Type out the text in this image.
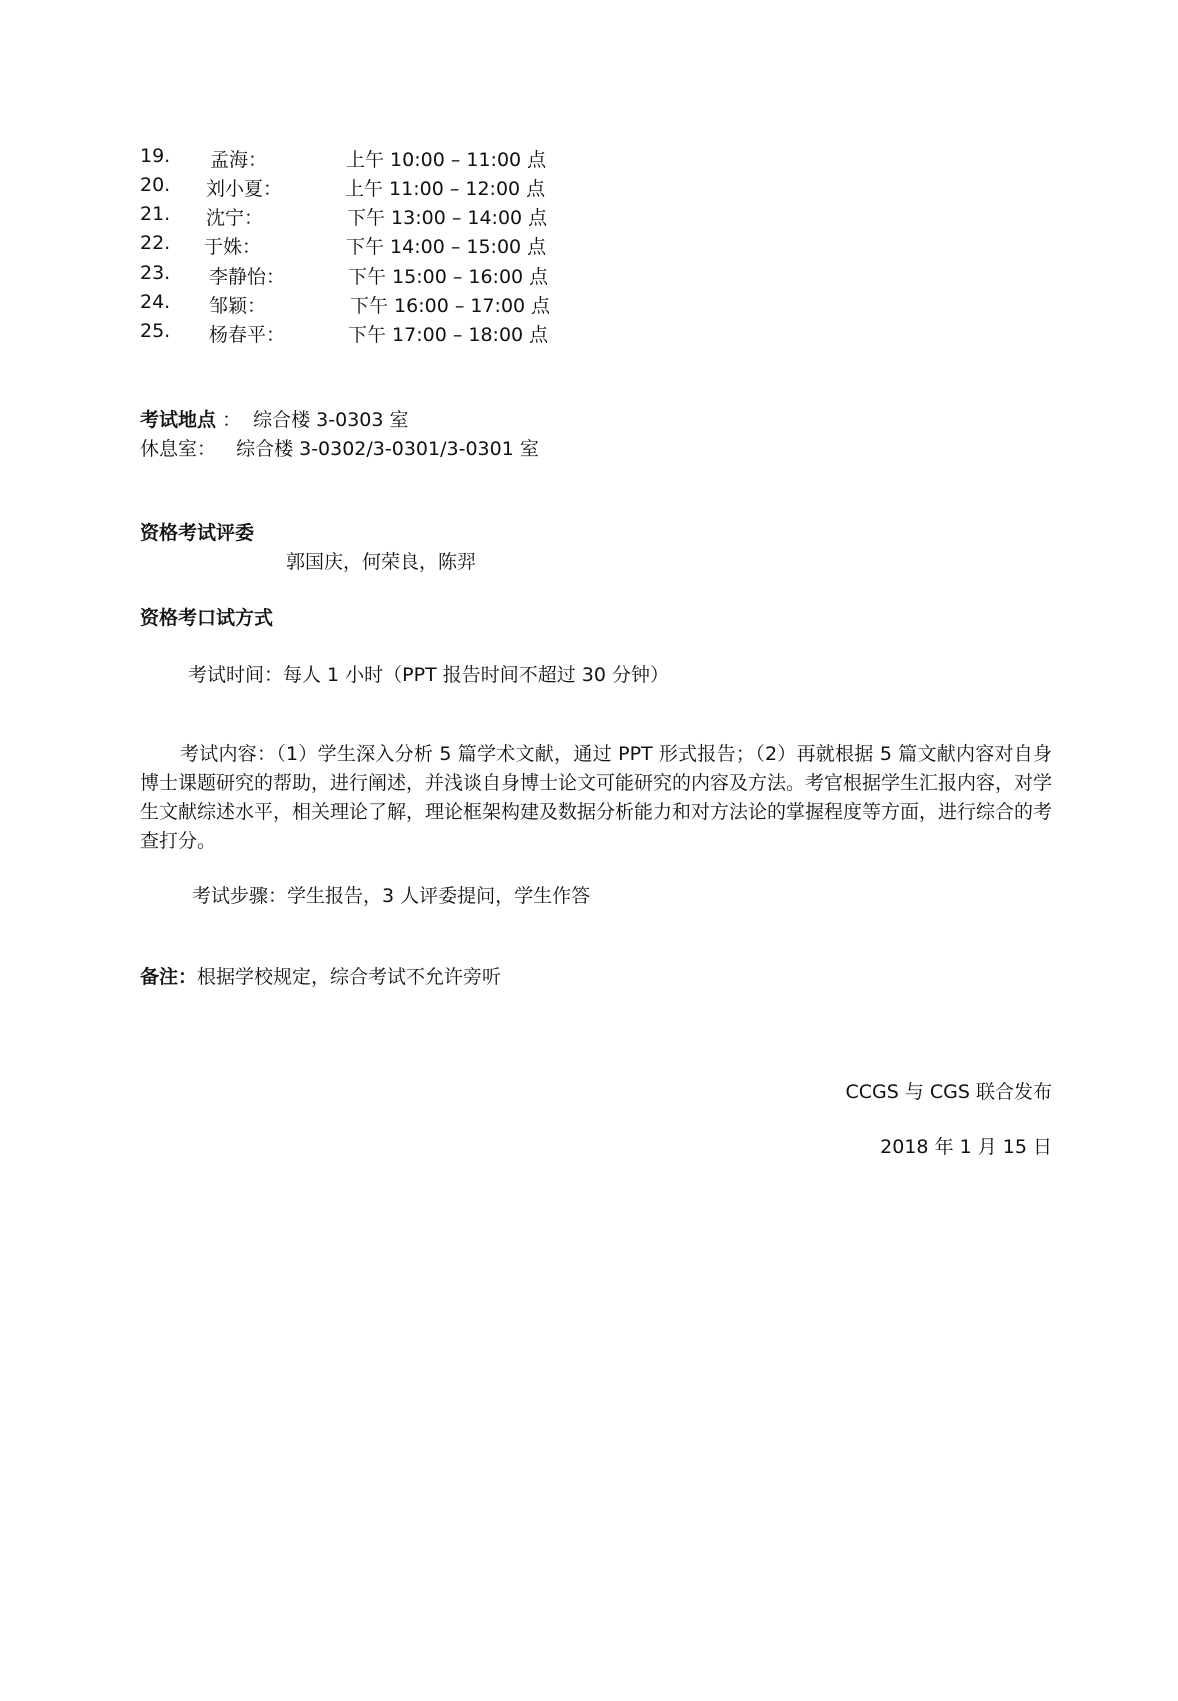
19. 孟海：	上午 10:00 – 11:00 点
20. 刘小夏：	上午 11:00 – 12:00 点
21. 沈宁：	下午 13:00 – 14:00 点
22. 于姝：	下午 14:00 – 15:00 点
23. 李静怡：	下午 15:00 – 16:00 点
24. 邹颖：	下午 16:00 – 17:00 点
25. 杨春平：	下午 17:00 – 18:00 点
考试地点 ： 综合楼 3-0303 室
休息室： 综合楼 3-0302/3-0301/3-0301 室
资格考试评委
郭国庆，何荣良，陈羿
资格考口试方式
考试时间：每人 1 小时（PPT 报告时间不超过 30 分钟）
考试内容：（1）学生深入分析 5 篇学术文献，通过 PPT 形式报告；（2）再就根据 5 篇文献内容对自身博士课题研究的帮助，进行阐述，并浅谈自身博士论文可能研究的内容及方法。考官根据学生汇报内容，对学生文献综述水平，相关理论了解，理论框架构建及数据分析能力和对方法论的掌握程度等方面，进行综合的考查打分。
考试步骤：学生报告，3 人评委提问，学生作答
备注：根据学校规定，综合考试不允许旁听
CCGS 与 CGS 联合发布
2018 年 1 月 15 日
